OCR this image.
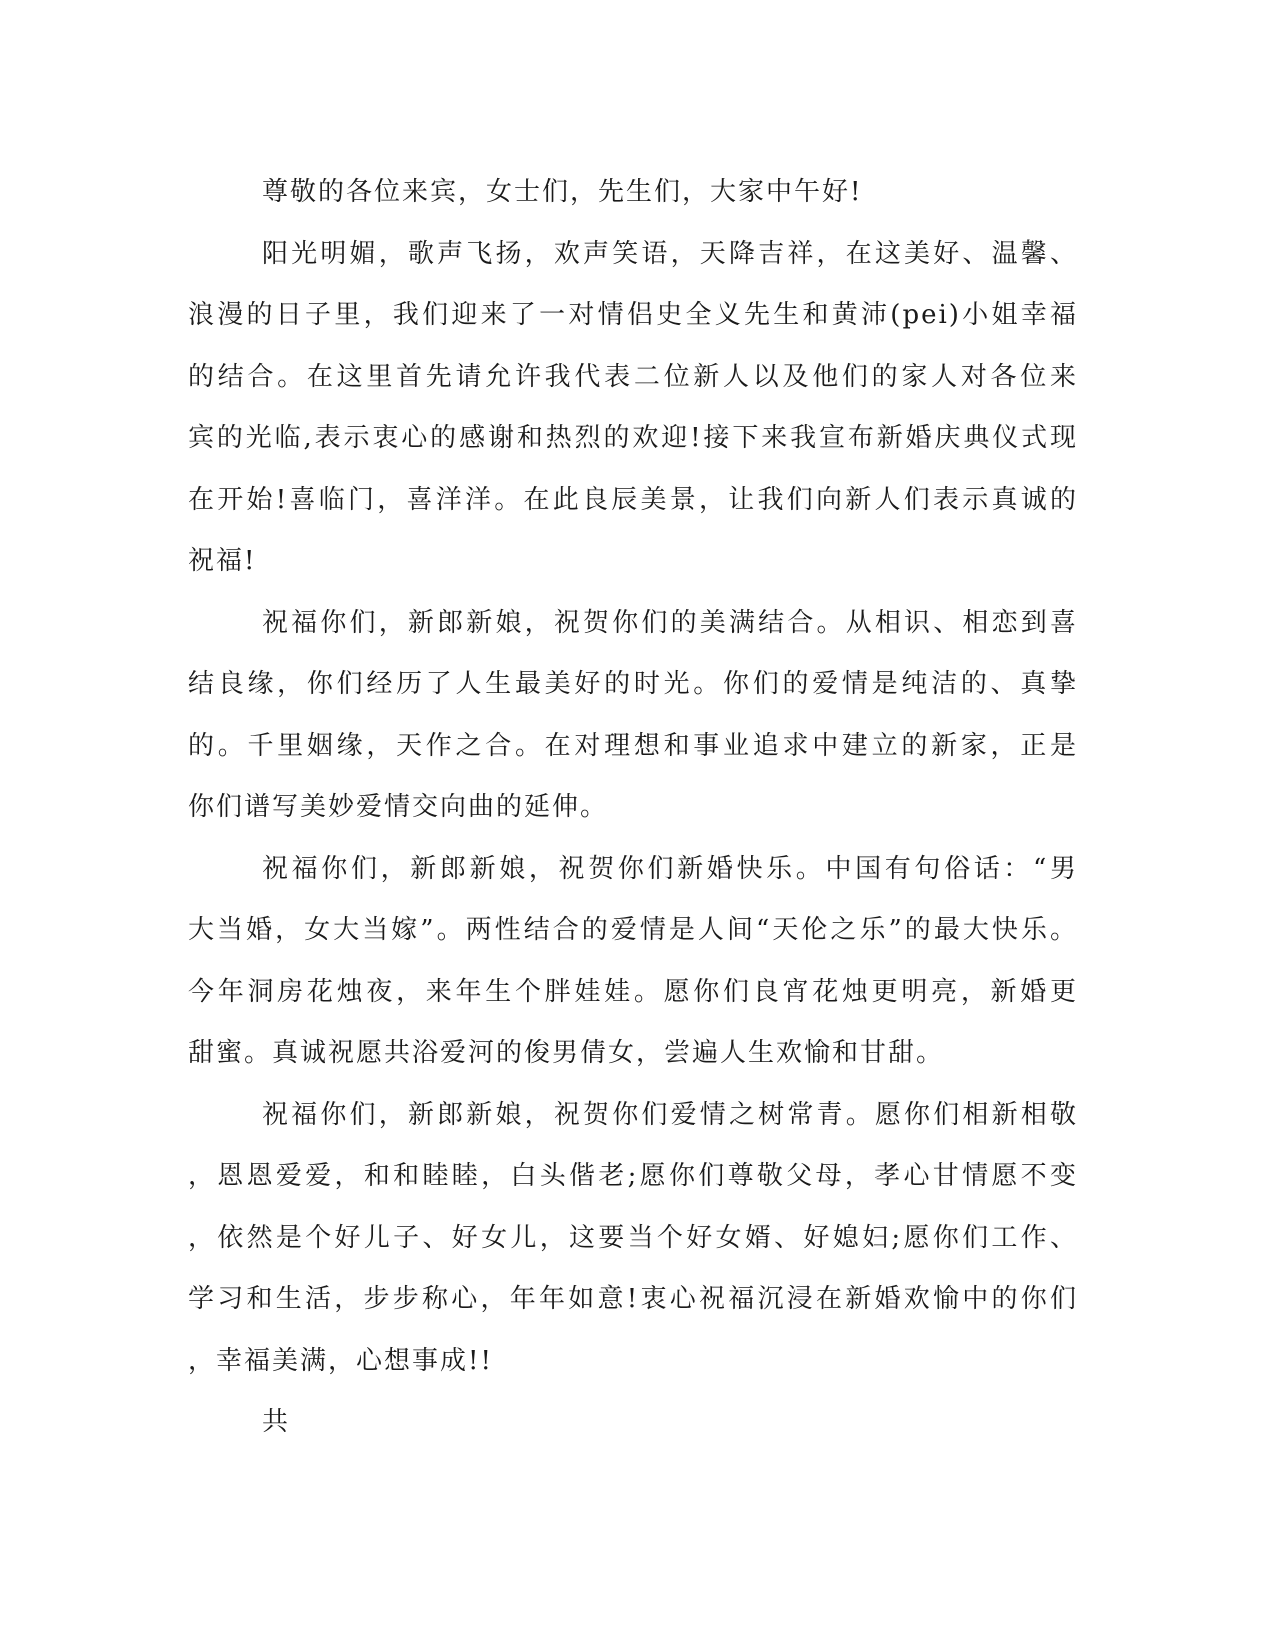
尊敬的各位来宾，女士们，先生们，大家中午好!
阳光明媚，歌声飞扬，欢声笑语，天降吉祥，在这美好、温馨、
浪漫的日子里，我们迎来了一对情侣史全义先生和黄沛(pei)小姐幸福
的结合。在这里首先请允许我代表二位新人以及他们的家人对各位来
宾的光临,表示衷心的感谢和热烈的欢迎!接下来我宣布新婚庆典仪式现
在开始!喜临门，喜洋洋。在此良辰美景，让我们向新人们表示真诚的
祝福!
祝福你们，新郎新娘，祝贺你们的美满结合。从相识、相恋到喜
结良缘，你们经历了人生最美好的时光。你们的爱情是纯洁的、真挚
的。千里姻缘，天作之合。在对理想和事业追求中建立的新家，正是
你们谱写美妙爱情交向曲的延伸。
祝福你们，新郎新娘，祝贺你们新婚快乐。中国有句俗话：“男
大当婚，女大当嫁”。两性结合的爱情是人间“天伦之乐”的最大快乐。
今年洞房花烛夜，来年生个胖娃娃。愿你们良宵花烛更明亮，新婚更
甜蜜。真诚祝愿共浴爱河的俊男倩女，尝遍人生欢愉和甘甜。
祝福你们，新郎新娘，祝贺你们爱情之树常青。愿你们相新相敬
，恩恩爱爱，和和睦睦，白头偕老;愿你们尊敬父母，孝心甘情愿不变
，依然是个好儿子、好女儿，这要当个好女婿、好媳妇;愿你们工作、
学习和生活，步步称心，年年如意!衷心祝福沉浸在新婚欢愉中的你们
，幸福美满，心想事成!!
共
